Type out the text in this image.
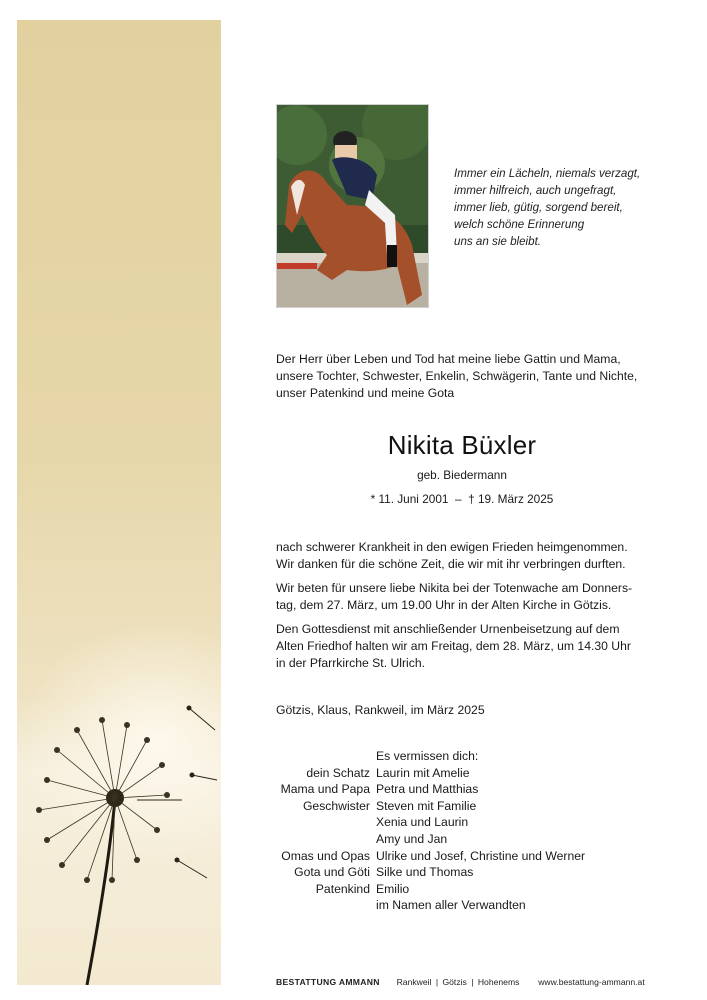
Immer ein Lächeln, niemals verzagt,
immer hilfreich, auch ungefragt,
immer lieb, gütig, sorgend bereit,
welch schöne Erinnerung
uns an sie bleibt.
Der Herr über Leben und Tod hat meine liebe Gattin und Mama,
unsere Tochter, Schwester, Enkelin, Schwägerin, Tante und Nichte,
unser Patenkind und meine Gota
Nikita Büxler
geb. Biedermann
* 11. Juni 2001  –  † 19. März 2025

nach schwerer Krankheit in den ewigen Frieden heimgenommen.
Wir danken für die schöne Zeit, die wir mit ihr verbringen durften.

Wir beten für unsere liebe Nikita bei der Totenwache am Donners-
tag, dem 27. März, um 19.00 Uhr in der Alten Kirche in Götzis.

Den Gottesdienst mit anschließender Urnenbeisetzung auf dem
Alten Friedhof halten wir am Freitag, dem 28. März, um 14.30 Uhr
in der Pfarrkirche St. Ulrich.

Götzis, Klaus, Rankweil, im März 2025
Es vermissen dich:
dein Schatz Laurin mit Amelie
Mama und Papa Petra und Matthias
Geschwister Steven mit Familie
Xenia und Laurin
Amy und Jan
Omas und Opas Ulrike und Josef, Christine und Werner
Gota und Göti Silke und Thomas
Patenkind Emilio
im Namen aller Verwandten
BESTATTUNG AMMANN Rankweil | Götzis | Hohenems www.bestattung-ammann.at
